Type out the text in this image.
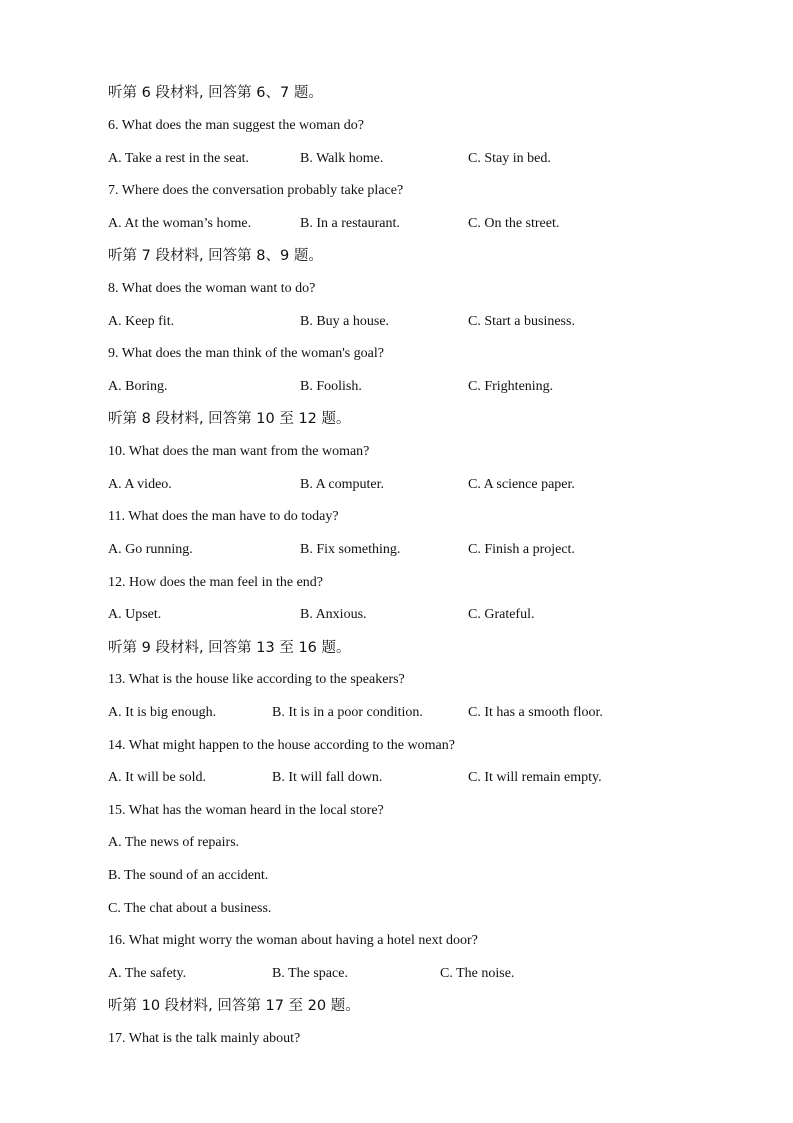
听第 6 段材料, 回答第 6、7 题。
6. What does the man suggest the woman do?
A. Take a rest in the seat.	B. Walk home.	C. Stay in bed.
7. Where does the conversation probably take place?
A. At the woman’s home.	B. In a restaurant.	C. On the street.
听第 7 段材料, 回答第 8、9 题。
8. What does the woman want to do?
A. Keep fit.	B. Buy a house.	C. Start a business.
9. What does the man think of the woman's goal?
A. Boring.	B. Foolish.	C. Frightening.
听第 8 段材料, 回答第 10 至 12 题。
10. What does the man want from the woman?
A. A video.	B. A computer.	C. A science paper.
11. What does the man have to do today?
A. Go running.	B. Fix something.	C. Finish a project.
12. How does the man feel in the end?
A. Upset.	B. Anxious.	C. Grateful.
听第 9 段材料, 回答第 13 至 16 题。
13. What is the house like according to the speakers?
A. It is big enough.	B. It is in a poor condition.	C. It has a smooth floor.
14. What might happen to the house according to the woman?
A. It will be sold.	B. It will fall down.	C. It will remain empty.
15. What has the woman heard in the local store?
A. The news of repairs.
B. The sound of an accident.
C. The chat about a business.
16. What might worry the woman about having a hotel next door?
A. The safety.	B. The space.	C. The noise.
听第 10 段材料, 回答第 17 至 20 题。
17. What is the talk mainly about?
